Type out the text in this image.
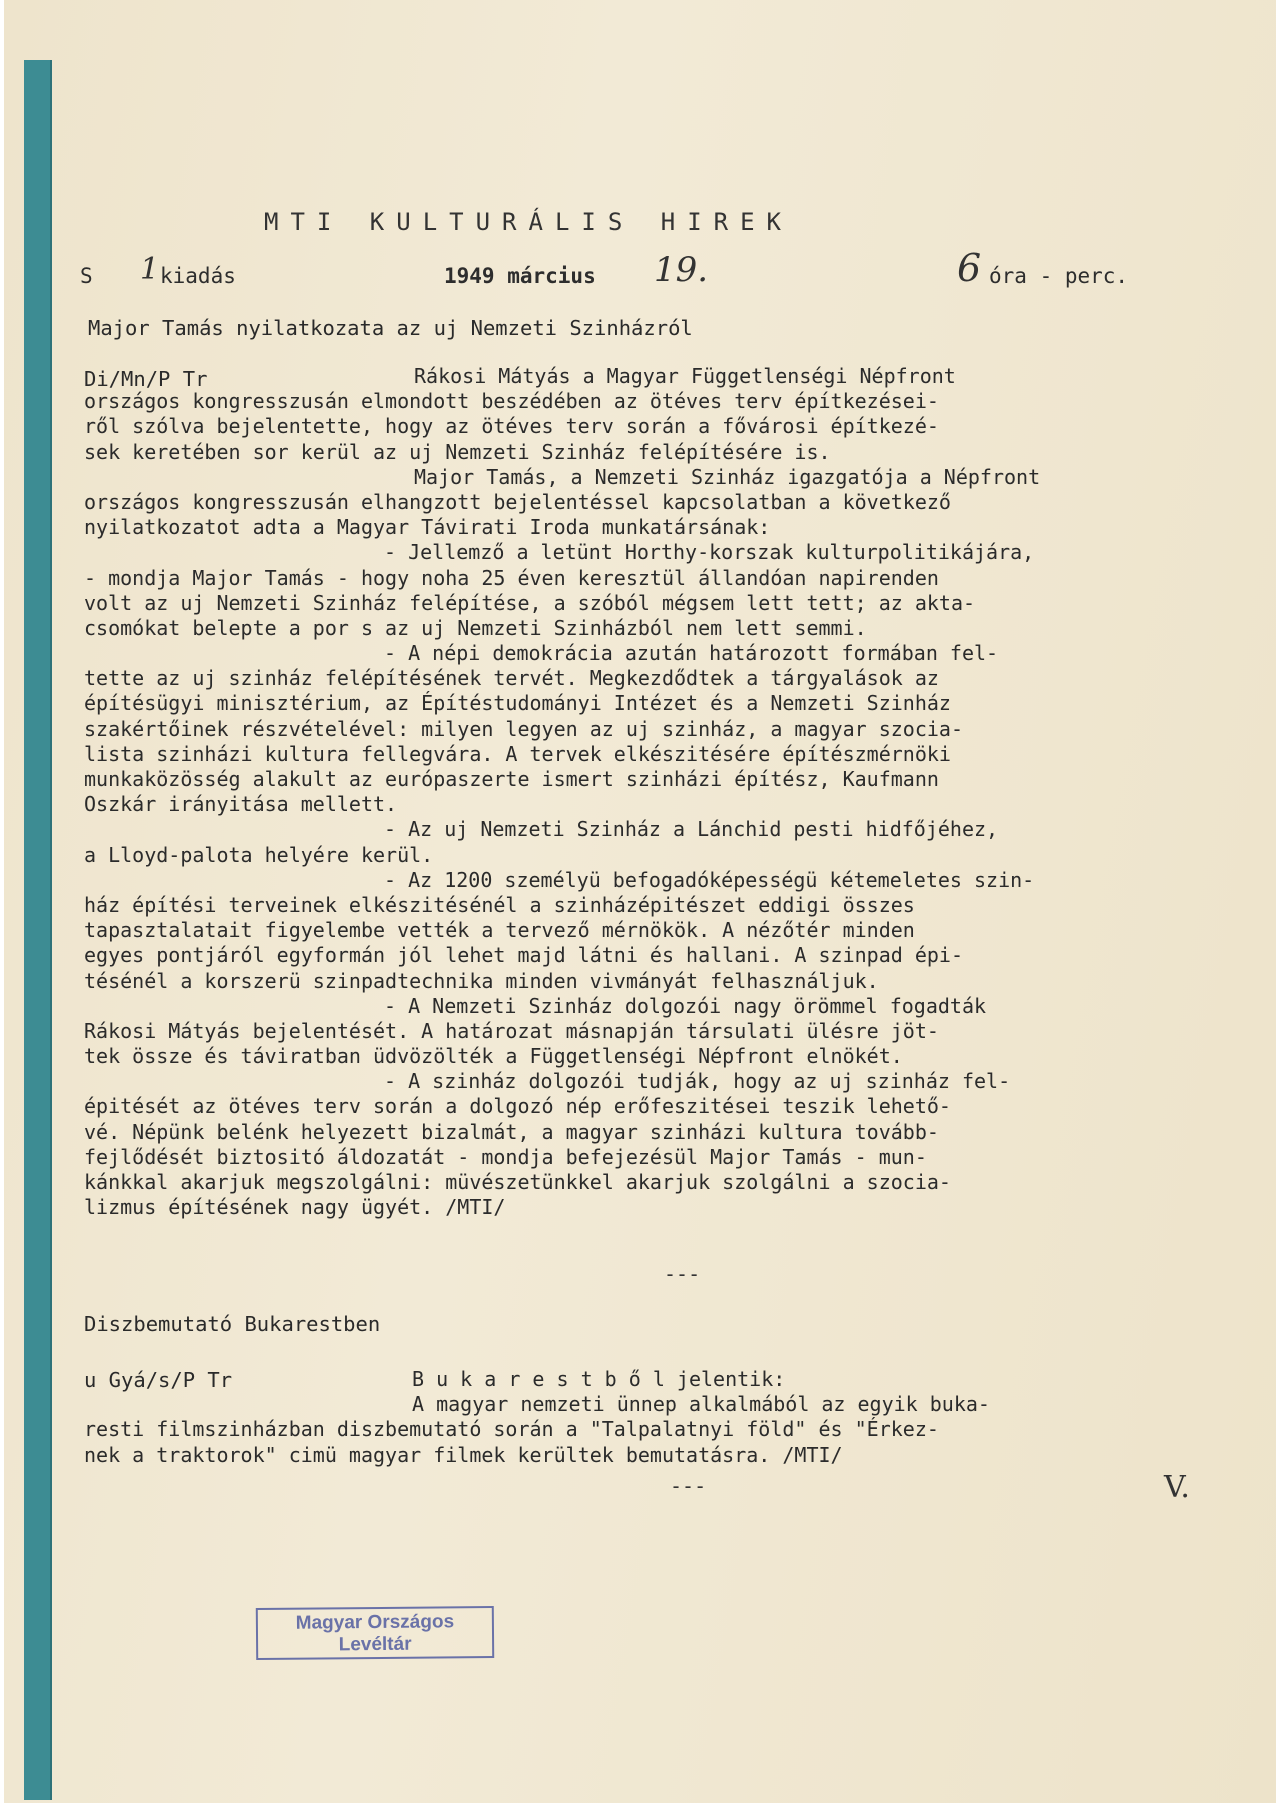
MTI KULTURÁLIS HIREK
S 1 kiadás	1949 március 19.	6 óra - perc.
Major Tamás nyilatkozata az uj Nemzeti Szinházról
Di/Mn/P Tr	Rákosi Mátyás a Magyar Függetlenségi Népfront
országos kongresszusán elmondott beszédében az ötéves terv építkezései-
ről szólva bejelentette, hogy az ötéves terv során a fővárosi építkezé-
sek keretében sor kerül az uj Nemzeti Szinház felépítésére is.
Major Tamás, a Nemzeti Szinház igazgatója a Népfront
országos kongresszusán elhangzott bejelentéssel kapcsolatban a következő
nyilatkozatot adta a Magyar Távirati Iroda munkatársának:
- Jellemző a letünt Horthy-korszak kulturpolitikájára,
- mondja Major Tamás - hogy noha 25 éven keresztül állandóan napirenden
volt az uj Nemzeti Szinház felépítése, a szóból mégsem lett tett; az akta-
csomókat belepte a por s az uj Nemzeti Szinházból nem lett semmi.
- A népi demokrácia azután határozott formában fel-
tette az uj szinház felépítésének tervét. Megkezdődtek a tárgyalások az
építésügyi minisztérium, az Építéstudományi Intézet és a Nemzeti Szinház
szakértőinek részvételével: milyen legyen az uj szinház, a magyar szocia-
lista szinházi kultura fellegvára. A tervek elkészitésére építészmérnöki
munkaközösség alakult az európaszerte ismert szinházi építész, Kaufmann
Oszkár irányitása mellett.
- Az uj Nemzeti Szinház a Lánchid pesti hidfőjéhez,
a Lloyd-palota helyére kerül.
- Az 1200 személyü befogadóképességü kétemeletes szin-
ház építési terveinek elkészitésénél a szinházépitészet eddigi összes
tapasztalatait figyelembe vették a tervező mérnökök. A nézőtér minden
egyes pontjáról egyformán jól lehet majd látni és hallani. A szinpad épi-
tésénél a korszerü szinpadtechnika minden vivmányát felhasználjuk.
- A Nemzeti Szinház dolgozói nagy örömmel fogadták
Rákosi Mátyás bejelentését. A határozat másnapján társulati ülésre jöt-
tek össze és táviratban üdvözölték a Függetlenségi Népfront elnökét.
- A szinház dolgozói tudják, hogy az uj szinház fel-
épitését az ötéves terv során a dolgozó nép erőfeszitései teszik lehető-
vé. Népünk belénk helyezett bizalmát, a magyar szinházi kultura tovább-
fejlődését biztositó áldozatát - mondja befejezésül Major Tamás - mun-
kánkkal akarjuk megszolgálni: müvészetünkkel akarjuk szolgálni a szocia-
lizmus építésének nagy ügyét. /MTI/
---
Diszbemutató Bukarestben
u Gyá/s/P Tr	B u k a r e s t b ő l jelentik:
A magyar nemzeti ünnep alkalmából az egyik buka-
resti filmszinházban diszbemutató során a "Talpalatnyi föld" és "Érkez-
nek a traktorok" cimü magyar filmek kerültek bemutatásra. /MTI/
---	V.
Magyar Országos
Levéltár
